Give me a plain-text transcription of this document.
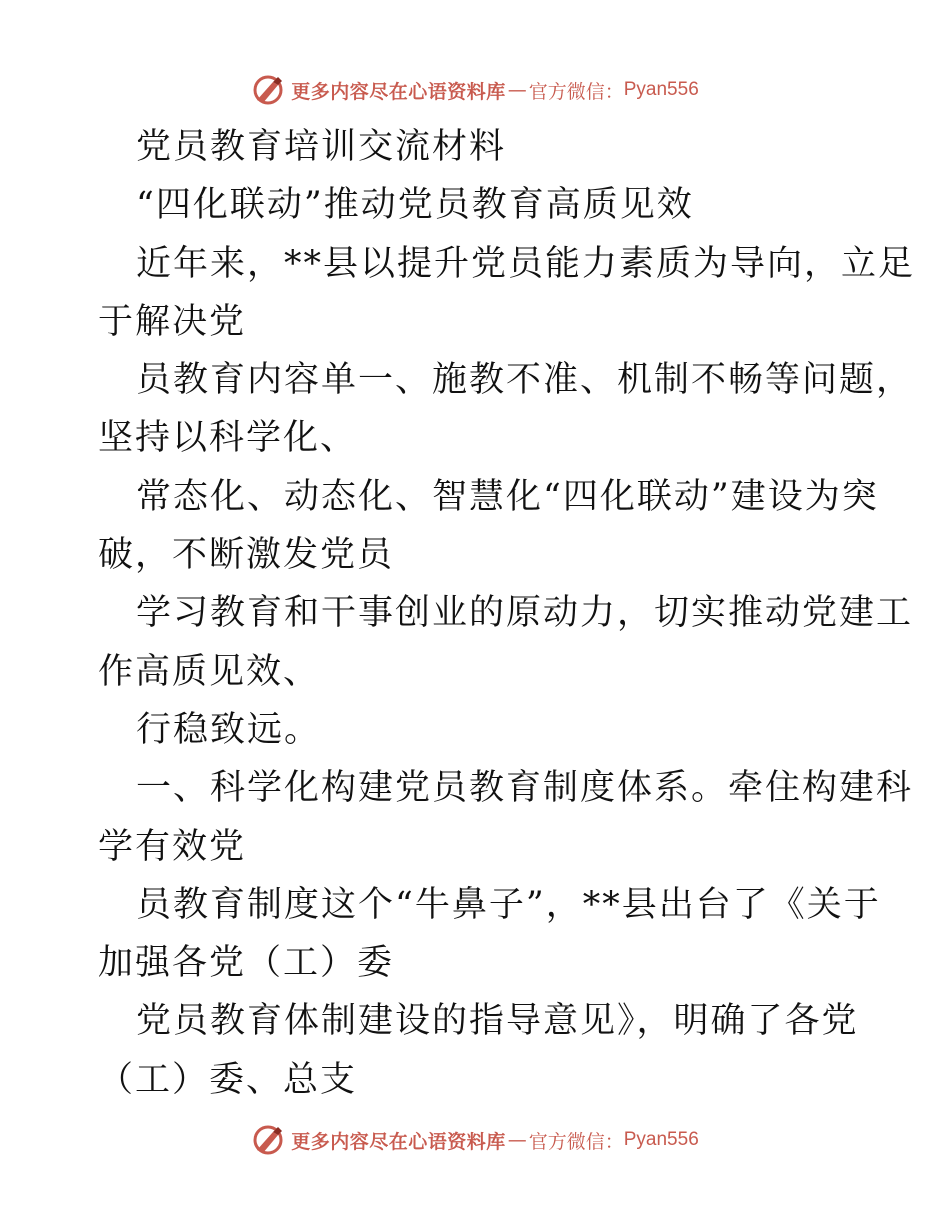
更多内容尽在心语资料库 — 官方微信： Pyan556
党员教育培训交流材料
“四化联动”推动党员教育高质见效
近年来，**县以提升党员能力素质为导向，立足
于解决党
员教育内容单一、施教不准、机制不畅等问题，
坚持以科学化、
常态化、动态化、智慧化“四化联动”建设为突
破，不断激发党员
学习教育和干事创业的原动力，切实推动党建工
作高质见效、
行稳致远。
一、科学化构建党员教育制度体系。牵住构建科
学有效党
员教育制度这个“牛鼻子”，**县出台了《关于
加强各党（工）委
党员教育体制建设的指导意见》，明确了各党
（工）委、总支
更多内容尽在心语资料库 — 官方微信： Pyan556
